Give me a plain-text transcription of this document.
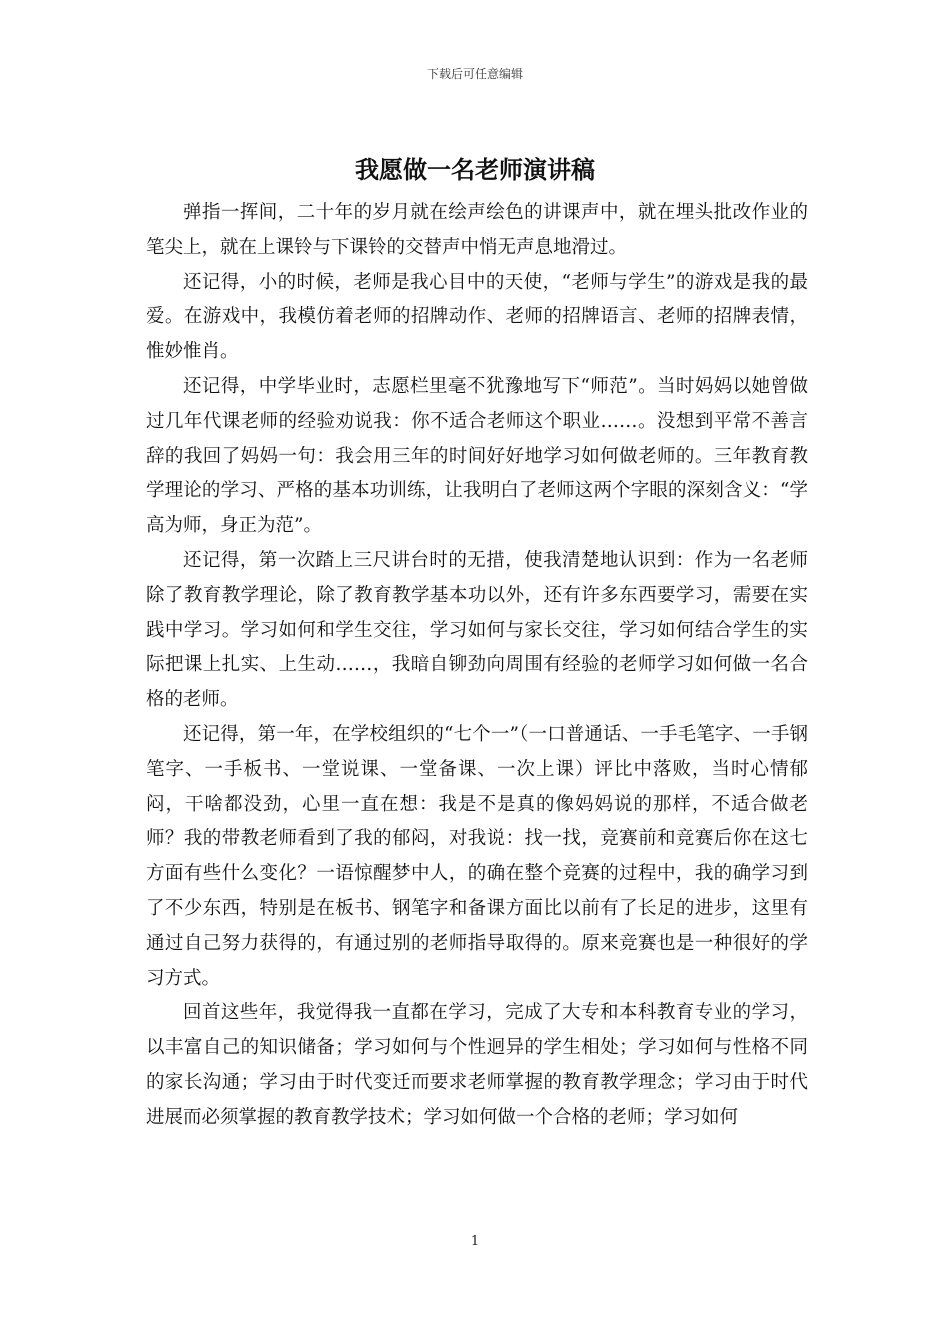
下载后可任意编辑
我愿做一名老师演讲稿

弹指一挥间，二十年的岁月就在绘声绘色的讲课声中，就在埋头批改作业的笔尖上，就在上课铃与下课铃的交替声中悄无声息地滑过。

还记得，小的时候，老师是我心目中的天使，“老师与学生”的游戏是我的最爱。在游戏中，我模仿着老师的招牌动作、老师的招牌语言、老师的招牌表情，惟妙惟肖。

还记得，中学毕业时，志愿栏里毫不犹豫地写下“师范”。当时妈妈以她曾做过几年代课老师的经验劝说我：你不适合老师这个职业……。没想到平常不善言辞的我回了妈妈一句：我会用三年的时间好好地学习如何做老师的。三年教育教学理论的学习、严格的基本功训练，让我明白了老师这两个字眼的深刻含义：“学高为师，身正为范”。

还记得，第一次踏上三尺讲台时的无措，使我清楚地认识到：作为一名老师除了教育教学理论，除了教育教学基本功以外，还有许多东西要学习，需要在实践中学习。学习如何和学生交往，学习如何与家长交往，学习如何结合学生的实际把课上扎实、上生动……，我暗自铆劲向周围有经验的老师学习如何做一名合格的老师。

还记得，第一年，在学校组织的“七个一”（一口普通话、一手毛笔字、一手钢笔字、一手板书、一堂说课、一堂备课、一次上课）评比中落败，当时心情郁闷，干啥都没劲，心里一直在想：我是不是真的像妈妈说的那样，不适合做老师？我的带教老师看到了我的郁闷，对我说：找一找，竞赛前和竞赛后你在这七方面有些什么变化？一语惊醒梦中人，的确在整个竞赛的过程中，我的确学习到了不少东西，特别是在板书、钢笔字和备课方面比以前有了长足的进步，这里有通过自己努力获得的，有通过别的老师指导取得的。原来竞赛也是一种很好的学习方式。

回首这些年，我觉得我一直都在学习，完成了大专和本科教育专业的学习，以丰富自己的知识储备；学习如何与个性迥异的学生相处；学习如何与性格不同的家长沟通；学习由于时代变迁而要求老师掌握的教育教学理念；学习由于时代进展而必须掌握的教育教学技术；学习如何做一个合格的老师；学习如何

1
